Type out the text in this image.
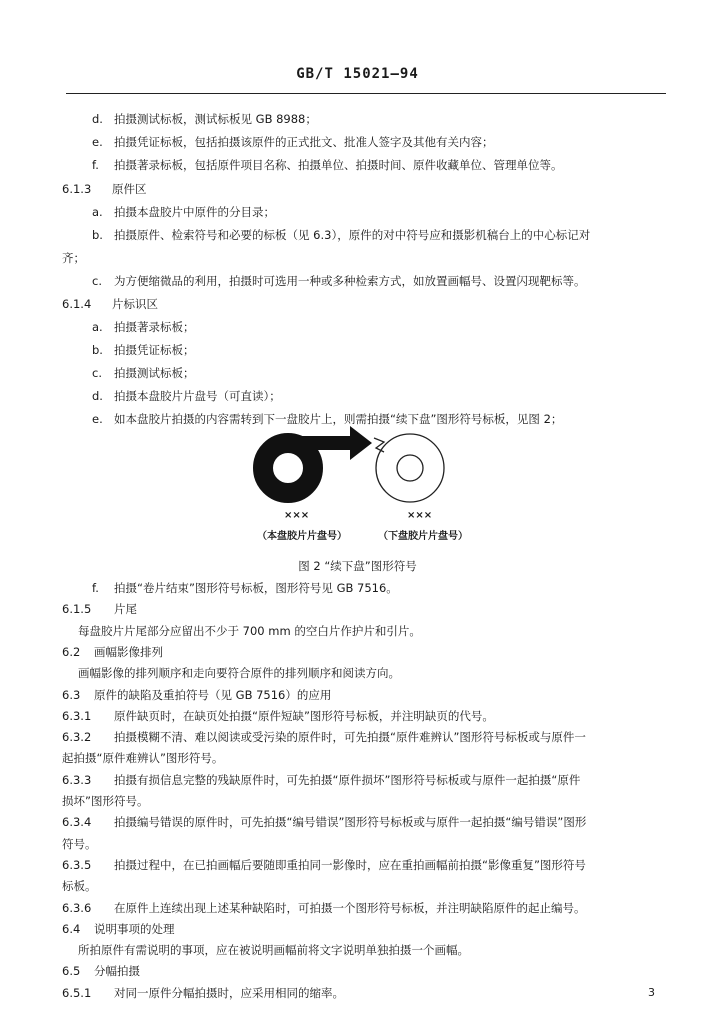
GB/T 15021—94
d. 拍摄测试标板，测试标板见 GB 8988；
e. 拍摄凭证标板，包括拍摄该原件的正式批文、批准人签字及其他有关内容；
f. 拍摄著录标板，包括原件项目名称、拍摄单位、拍摄时间、原件收藏单位、管理单位等。
6.1.3 原件区
a. 拍摄本盘胶片中原件的分目录；
b. 拍摄原件、检索符号和必要的标板（见 6.3），原件的对中符号应和摄影机稿台上的中心标记对
齐；
c. 为方便缩微品的利用，拍摄时可选用一种或多种检索方式，如放置画幅号、设置闪现靶标等。
6.1.4 片标识区
a. 拍摄著录标板；
b. 拍摄凭证标板；
c. 拍摄测试标板；
d. 拍摄本盘胶片片盘号（可直读）；
e. 如本盘胶片拍摄的内容需转到下一盘胶片上，则需拍摄“续下盘”图形符号标板，见图 2；
f. 拍摄“卷片结束”图形符号标板，图形符号见 GB 7516。
6.1.5 片尾
每盘胶片片尾部分应留出不少于 700 mm 的空白片作护片和引片。
6.2 画幅影像排列
画幅影像的排列顺序和走向要符合原件的排列顺序和阅读方向。
6.3 原件的缺陷及重拍符号（见 GB 7516）的应用
6.3.1 原件缺页时，在缺页处拍摄“原件短缺”图形符号标板，并注明缺页的代号。
6.3.2 拍摄模糊不清、难以阅读或受污染的原件时，可先拍摄“原件难辨认”图形符号标板或与原件一
起拍摄“原件难辨认”图形符号。
6.3.3 拍摄有损信息完整的残缺原件时，可先拍摄“原件损坏”图形符号标板或与原件一起拍摄“原件
损坏”图形符号。
6.3.4 拍摄编号错误的原件时，可先拍摄“编号错误”图形符号标板或与原件一起拍摄“编号错误”图形
符号。
6.3.5 拍摄过程中，在已拍画幅后要随即重拍同一影像时，应在重拍画幅前拍摄“影像重复”图形符号
标板。
6.3.6 在原件上连续出现上述某种缺陷时，可拍摄一个图形符号标板，并注明缺陷原件的起止编号。
6.4 说明事项的处理
所拍原件有需说明的事项，应在被说明画幅前将文字说明单独拍摄一个画幅。
6.5 分幅拍摄
6.5.1 对同一原件分幅拍摄时，应采用相同的缩率。
×××	×××
（本盘胶片片盘号）	（下盘胶片片盘号）
图 2 “续下盘”图形符号
3
